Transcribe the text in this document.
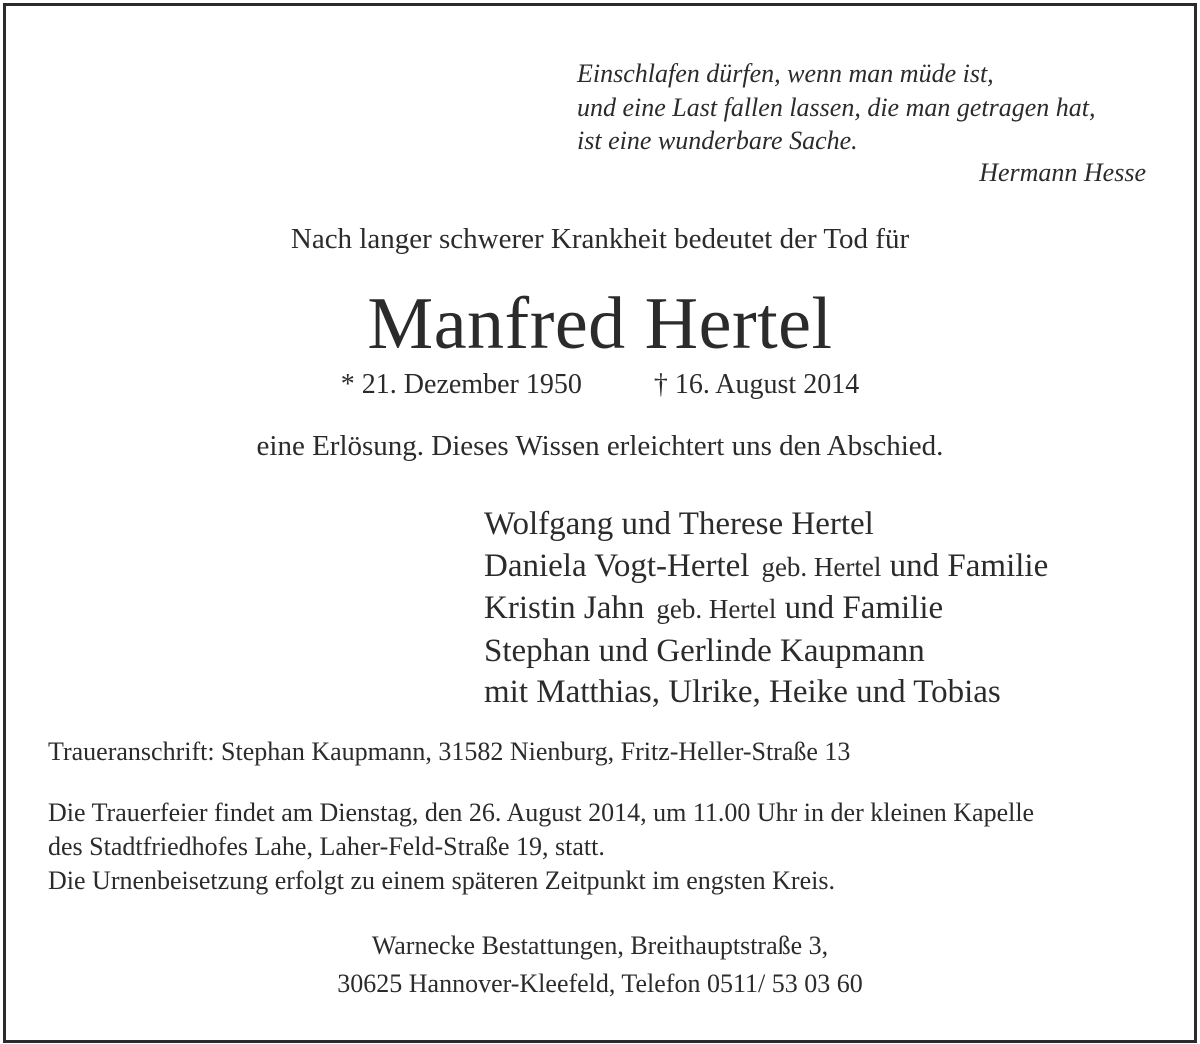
Einschlafen dürfen, wenn man müde ist,
und eine Last fallen lassen, die man getragen hat,
ist eine wunderbare Sache.
Hermann Hesse
Nach langer schwerer Krankheit bedeutet der Tod für
Manfred Hertel
* 21. Dezember 1950	† 16. August 2014
eine Erlösung. Dieses Wissen erleichtert uns den Abschied.
Wolfgang und Therese Hertel
Daniela Vogt-Hertel geb. Hertel und Familie
Kristin Jahn geb. Hertel und Familie
Stephan und Gerlinde Kaupmann
mit Matthias, Ulrike, Heike und Tobias
Traueranschrift: Stephan Kaupmann, 31582 Nienburg, Fritz-Heller-Straße 13
Die Trauerfeier findet am Dienstag, den 26. August 2014, um 11.00 Uhr in der kleinen Kapelle
des Stadtfriedhofes Lahe, Laher-Feld-Straße 19, statt.
Die Urnenbeisetzung erfolgt zu einem späteren Zeitpunkt im engsten Kreis.
Warnecke Bestattungen, Breithauptstraße 3,
30625 Hannover-Kleefeld, Telefon 0511/ 53 03 60
